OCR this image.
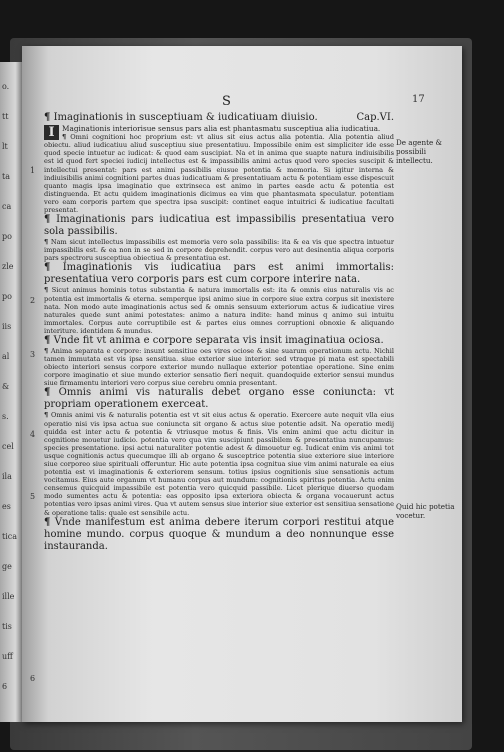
o.
tt
lt
ta
ca
po
zle
po
iis
al
&
s.
cel
ila
es
tica
ge
ille
tis
uff
6
S	17
¶ Imaginationis in susceptiuam & iudicatiuam diuisio.	Cap.VI.

I	Maginationis interiorisue sensus pars alia est phantasmatu susceptiua alia iudicatiua.

¶ Omni cognitioni hoc proprium est: vt alius sit eius actus alia potentia. Alia potentia aliud obiectu. aliud iudicatiuu aliud susceptiuu siue presentatiuu. Impossibile enim est simpliciter ide esse quod specie intuetur ac iudicat: & quod eam suscipiat. Na et in anima que suapte natura indiuisibilis est id quod fert speciei iudicij intellectus est & impassibilis animi actus quod vero species suscipit & intellectui presentat: pars est animi passibilis eiusue potentia & memoria. Si igitur interna & indiuisibilis animi cognitioni partes duas iudicatiuam & presentatiuam actu & potentiam esse dispescuit quanto magis ipsa imaginatio que extrinseca est animo in partes easde actu & potentia est distinguenda. Et actu quidem imaginationis dicimus ea vim que phantasmata speculatur. potentiam vero eam corporis partem que spectra ipsa suscipit: continet eaque intuitrici & iudicatiue facultati presentat.

¶ Imaginationis pars iudicatiua est impassibilis presentatiua vero sola passibilis.

¶ Nam sicut intellectus impassibilis est memoria vero sola passibilis: ita & ea vis que spectra intuetur impassibilis est. & ea non in se sed in corpore deprehendit. corpus vero aut desinentia aliqua corporis pars spectroru susceptiua obiectiua & presentatiua est.

¶ Imaginationis vis iudicatiua pars est animi immortalis: presentatiua vero corporis pars est cum corpore interire nata.

¶ Sicut animus hominis totus substantia & natura immortalis est: ita & omnis eius naturalis vis ac potentia est immortalis & eterna. semperque ipsi animo siue in corpore siue extra corpus sit inexistere nata. Non modo aute imaginationis actus sed & omnis sensuum exteriorum actus & iudicatiue vires naturales quede sunt animi potestates: animo a natura indite: hand minus q animo sui intuitu immortales. Corpus aute corruptibile est & partes eius omnes corruptioni obnoxie & aliquando interiture. identidem & mundus.

¶ Vnde fit vt anima e corpore separata vis insit imaginatiua ociosa.

¶ Anima separata e corpore: insunt sensitiue oes vires ociose & sine suarum operationum actu. Nichil tamen immutata est vis ipsa sensitiua. siue exterior siue interior. sed vtraque pi mata est spectabili obiecto interiori sensus corpore exterior mundo nullaque exterior potentiae operatione. Sine enim corpore imaginatio et siue mundo exterior sensatio fieri nequit. quandoquide exterior sensui mundus siue firmamentu interiori vero corpus siue cerebru omnia presentant.

¶ Omnis animi vis naturalis debet organo esse coniuncta: vt propriam operationem exerceat.

¶ Omnis animi vis & naturalis potentia est vt sit eius actus & operatio. Exercere aute nequit vlla eius operatio nisi vis ipsa actua sue coniuncta sit organo & actus siue potentie adsit. Na operatio medij quidda est inter actu & potentia & vtriusque motus & finis. Vis enim animi que actu dicitur in cognitione mouetur iudicio. potentia vero qua vim suscipiunt passibilem & presentatiua nuncupamus: species presentatione. ipsi actui naturaliter potentie adest & dimouetur eg. Iudicat enim vis animi tot usque cognitionis actus quecumque illi ab organo & susceptrice potentia siue exteriore siue interiore siue corporeo siue spirituali offeruntur. Hic aute potentia ipsa cognitua siue vim animi naturale ea eius potentia est vi imaginationis & exteriorem sensum. totius ipsius cognitionis siue sensationis actum vocitamus. Eius aute organum vt humanu corpus aut mundum: cognitionis spiritus potentia. Actu enim censemus quicquid impassibile est potentia vero quicquid passibile. Licet plerique diuerso quodam modo sumentes actu & potentia: eas opposito ipsa exteriora obiecta & organa vocauerunt actus potentias vero ipsas animi vires. Qua vt autem sensus siue interior siue exterior est sensitiua sensatione & operatione talis: quale est sensibile actu.

¶ Vnde manifestum est anima debere iterum corpori restitui atque homine mundo. corpus quoque & mundum a deo nonnunque esse instauranda.

1
2
3
4
5
6
De agente & possibili intellectu.
Quid hic potetia vocetur.
